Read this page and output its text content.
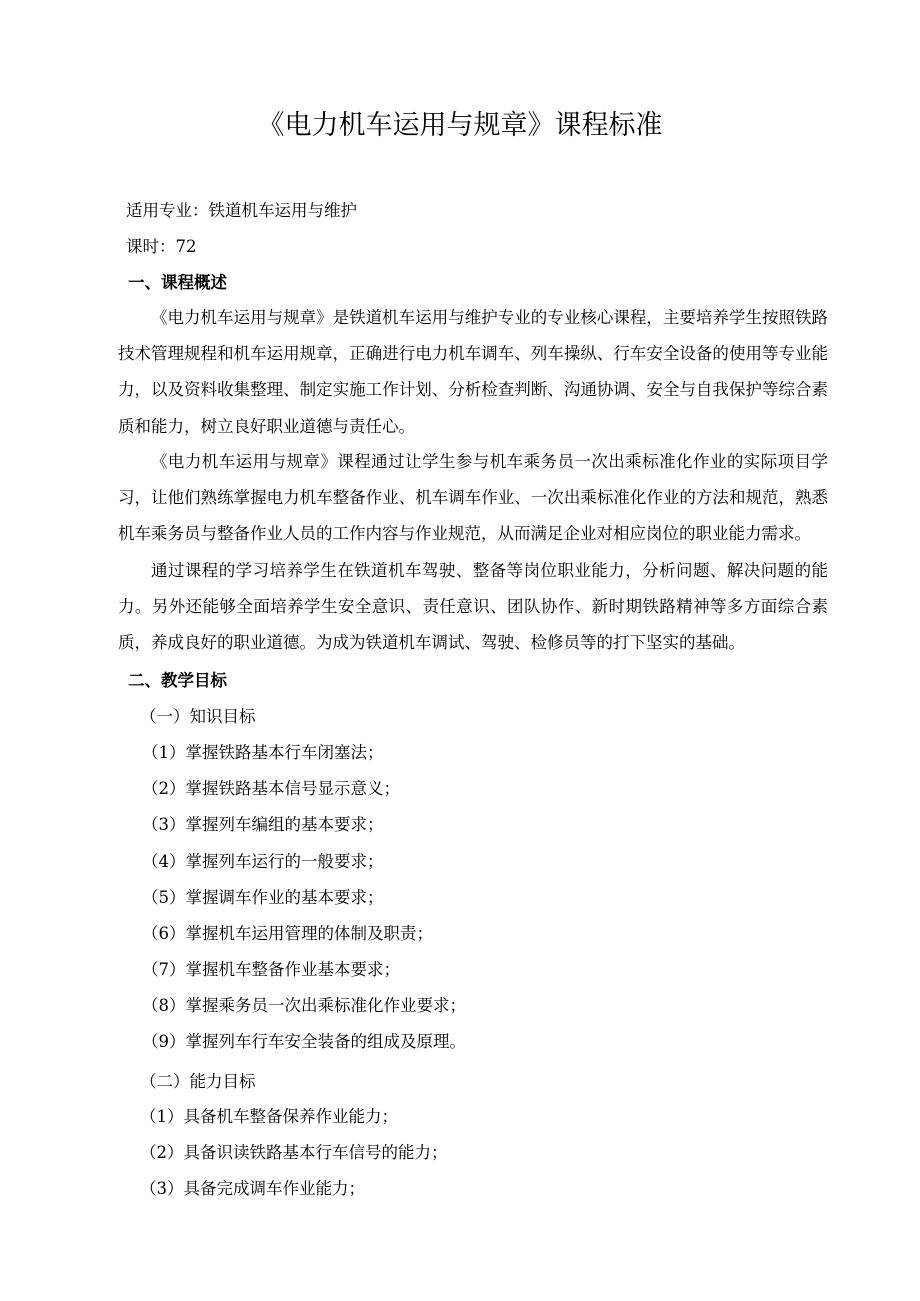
《电力机车运用与规章》课程标准

适用专业：铁道机车运用与维护

课时：72

一、课程概述

《电力机车运用与规章》是铁道机车运用与维护专业的专业核心课程，主要培养学生按照铁路技术管理规程和机车运用规章，正确进行电力机车调车、列车操纵、行车安全设备的使用等专业能力，以及资料收集整理、制定实施工作计划、分析检查判断、沟通协调、安全与自我保护等综合素质和能力，树立良好职业道德与责任心。

《电力机车运用与规章》课程通过让学生参与机车乘务员一次出乘标准化作业的实际项目学习，让他们熟练掌握电力机车整备作业、机车调车作业、一次出乘标准化作业的方法和规范，熟悉机车乘务员与整备作业人员的工作内容与作业规范，从而满足企业对相应岗位的职业能力需求。

通过课程的学习培养学生在铁道机车驾驶、整备等岗位职业能力，分析问题、解决问题的能力。另外还能够全面培养学生安全意识、责任意识、团队协作、新时期铁路精神等多方面综合素质，养成良好的职业道德。为成为铁道机车调试、驾驶、检修员等的打下坚实的基础。

二、教学目标

（一）知识目标

（1）掌握铁路基本行车闭塞法；

（2）掌握铁路基本信号显示意义；

（3）掌握列车编组的基本要求；

（4）掌握列车运行的一般要求；

（5）掌握调车作业的基本要求；

（6）掌握机车运用管理的体制及职责；

（7）掌握机车整备作业基本要求；

（8）掌握乘务员一次出乘标准化作业要求；

（9）掌握列车行车安全装备的组成及原理。

（二）能力目标

（1）具备机车整备保养作业能力；

（2）具备识读铁路基本行车信号的能力；

（3）具备完成调车作业能力；
